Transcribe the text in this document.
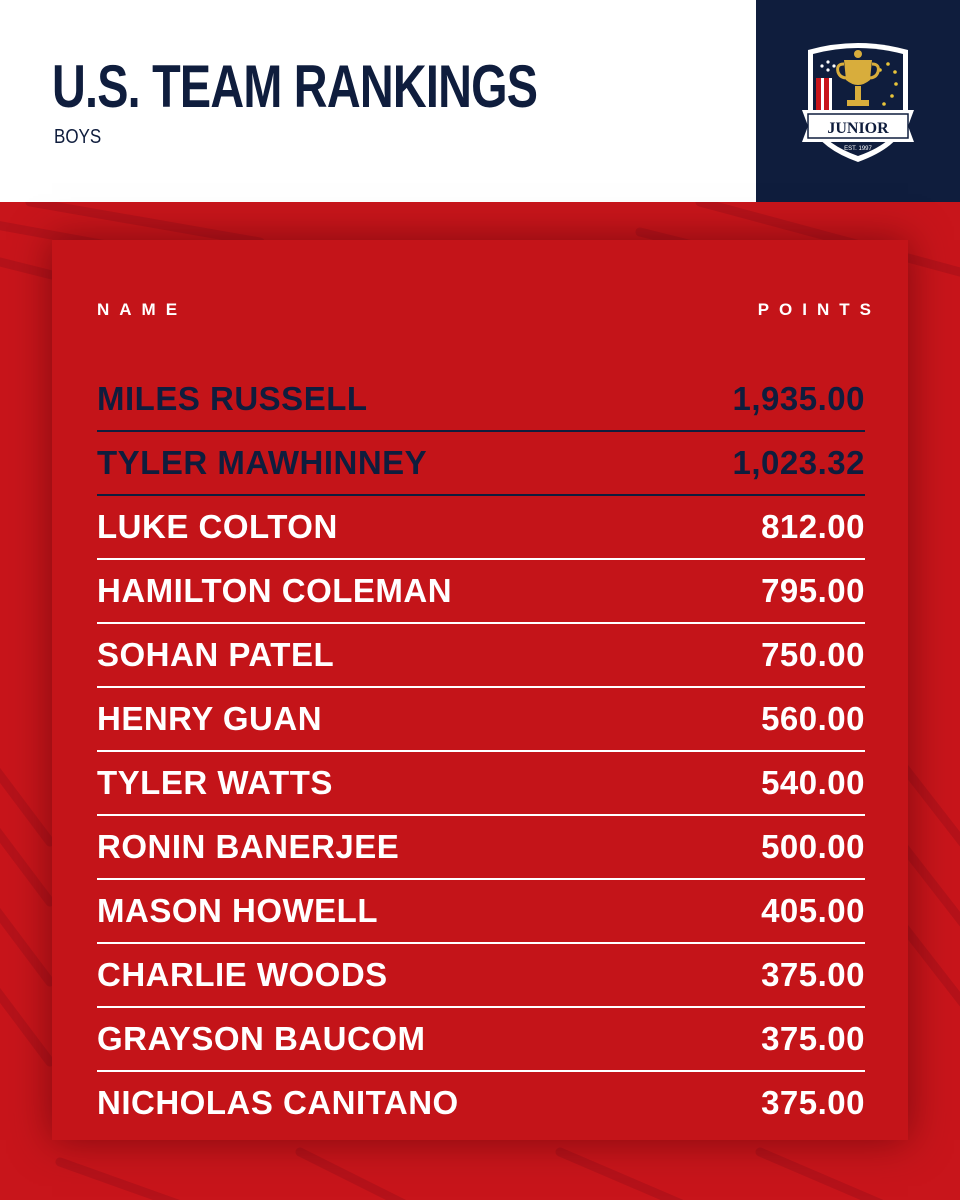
U.S. TEAM RANKINGS

BOYS	JUNIOR
EST. 1997

NAME	POINTS

MILES RUSSELL	1,935.00
TYLER MAWHINNEY	1,023.32
LUKE COLTON	812.00
HAMILTON COLEMAN	795.00
SOHAN PATEL	750.00
HENRY GUAN	560.00
TYLER WATTS	540.00
RONIN BANERJEE	500.00
MASON HOWELL	405.00
CHARLIE WOODS	375.00
GRAYSON BAUCOM	375.00
NICHOLAS CANITANO	375.00
